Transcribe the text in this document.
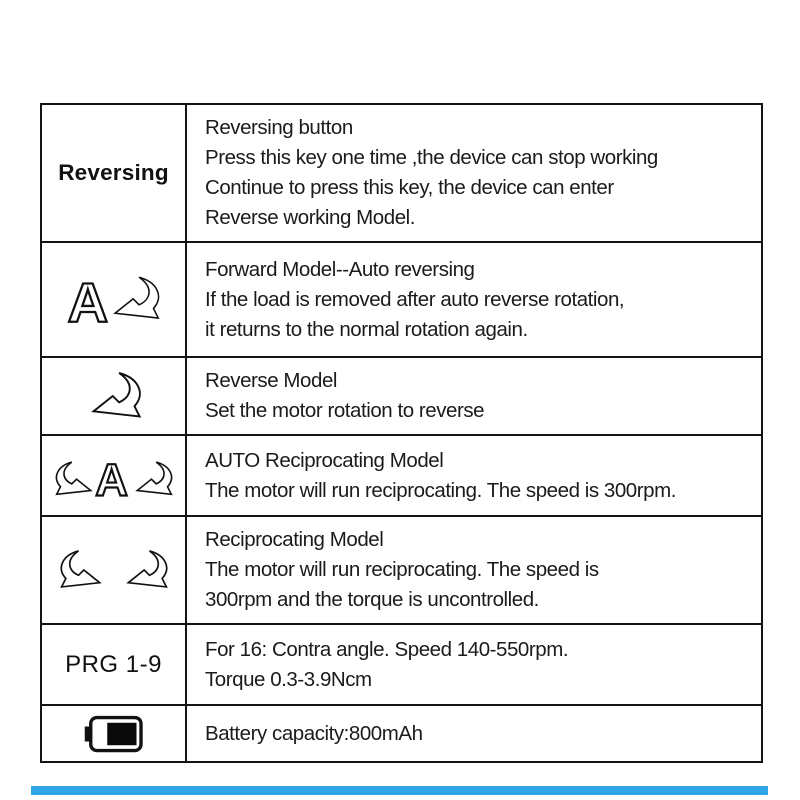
Reversing
Reversing button
Press this key one time ,the device can stop working
Continue to press this key, the device can enter
Reverse working Model.
A
Forward Model--Auto reversing
If the load is removed after auto reverse rotation,
it returns to the normal rotation again.
Reverse Model
Set the motor rotation to reverse
A	AUTO Reciprocating Model
The motor will run reciprocating. The speed is 300rpm.
Reciprocating Model
The motor will run reciprocating. The speed is
300rpm and the torque is uncontrolled.
PRG 1-9
For 16: Contra angle. Speed 140-550rpm.
Torque 0.3-3.9Ncm
Battery capacity:800mAh
